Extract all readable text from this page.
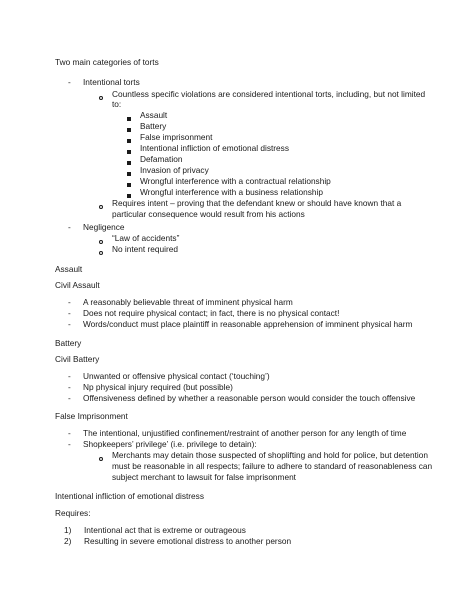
Two main categories of torts
-	Intentional torts
Countless specific violations are considered intentional torts, including, but not limited
to:
Assault
Battery
False imprisonment
Intentional infliction of emotional distress
Defamation
Invasion of privacy
Wrongful interference with a contractual relationship
Wrongful interference with a business relationship
Requires intent – proving that the defendant knew or should have known that a
particular consequence would result from his actions
-	Negligence
“Law of accidents”
No intent required
Assault
Civil Assault
-	A reasonably believable threat of imminent physical harm
-	Does not require physical contact; in fact, there is no physical contact!
-	Words/conduct must place plaintiff in reasonable apprehension of imminent physical harm
Battery
Civil Battery
-	Unwanted or offensive physical contact (‘touching’)
-	Np physical injury required (but possible)
-	Offensiveness defined by whether a reasonable person would consider the touch offensive
False Imprisonment
-	The intentional, unjustified confinement/restraint of another person for any length of time
-	Shopkeepers’ privilege’ (i.e. privilege to detain):
Merchants may detain those suspected of shoplifting and hold for police, but detention
must be reasonable in all respects; failure to adhere to standard of reasonableness can
subject merchant to lawsuit for false imprisonment
Intentional infliction of emotional distress
Requires:
1)	Intentional act that is extreme or outrageous
2)	Resulting in severe emotional distress to another person
